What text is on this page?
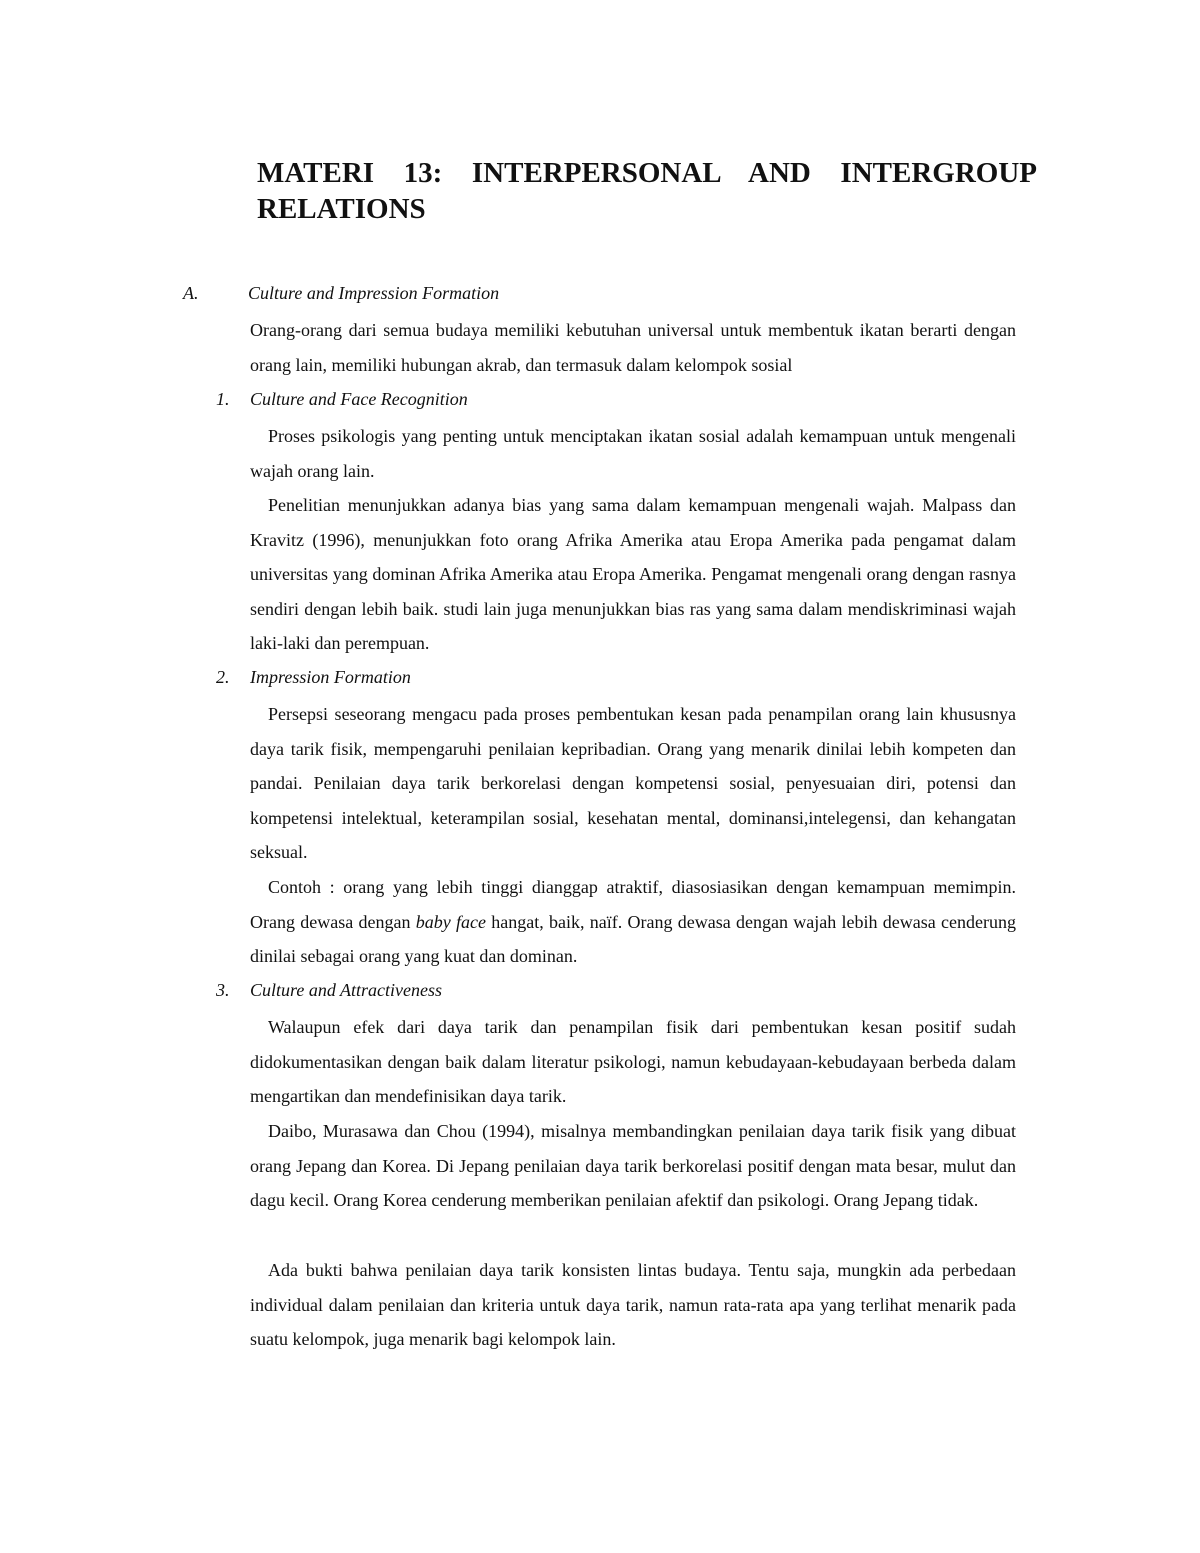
MATERI 13: INTERPERSONAL AND INTERGROUP
RELATIONS
A.	Culture and Impression Formation

Orang-orang dari semua budaya memiliki kebutuhan universal untuk membentuk ikatan berarti dengan orang lain, memiliki hubungan akrab, dan termasuk dalam kelompok sosial

1. Culture and Face Recognition

Proses psikologis yang penting untuk menciptakan ikatan sosial adalah kemampuan untuk mengenali wajah orang lain.

Penelitian menunjukkan adanya bias yang sama dalam kemampuan mengenali wajah. Malpass dan Kravitz (1996), menunjukkan foto orang Afrika Amerika atau Eropa Amerika pada pengamat dalam universitas yang dominan Afrika Amerika atau Eropa Amerika. Pengamat mengenali orang dengan rasnya sendiri dengan lebih baik. studi lain juga menunjukkan bias ras yang sama dalam mendiskriminasi wajah laki-laki dan perempuan.

2. Impression Formation

Persepsi seseorang mengacu pada proses pembentukan kesan pada penampilan orang lain khususnya daya tarik fisik, mempengaruhi penilaian kepribadian. Orang yang menarik dinilai lebih kompeten dan pandai. Penilaian daya tarik berkorelasi dengan kompetensi sosial, penyesuaian diri, potensi dan kompetensi intelektual, keterampilan sosial, kesehatan mental, dominansi,intelegensi, dan kehangatan seksual.

Contoh : orang yang lebih tinggi dianggap atraktif, diasosiasikan dengan kemampuan memimpin. Orang dewasa dengan baby face hangat, baik, naïf. Orang dewasa dengan wajah lebih dewasa cenderung dinilai sebagai orang yang kuat dan dominan.

3. Culture and Attractiveness

Walaupun efek dari daya tarik dan penampilan fisik dari pembentukan kesan positif sudah didokumentasikan dengan baik dalam literatur psikologi, namun kebudayaan-kebudayaan berbeda dalam mengartikan dan mendefinisikan daya tarik.

Daibo, Murasawa dan Chou (1994), misalnya membandingkan penilaian daya tarik fisik yang dibuat orang Jepang dan Korea. Di Jepang penilaian daya tarik berkorelasi positif dengan mata besar, mulut dan dagu kecil. Orang Korea cenderung memberikan penilaian afektif dan psikologi. Orang Jepang tidak.

Ada bukti bahwa penilaian daya tarik konsisten lintas budaya. Tentu saja, mungkin ada perbedaan individual dalam penilaian dan kriteria untuk daya tarik, namun rata-rata apa yang terlihat menarik pada suatu kelompok, juga menarik bagi kelompok lain.
